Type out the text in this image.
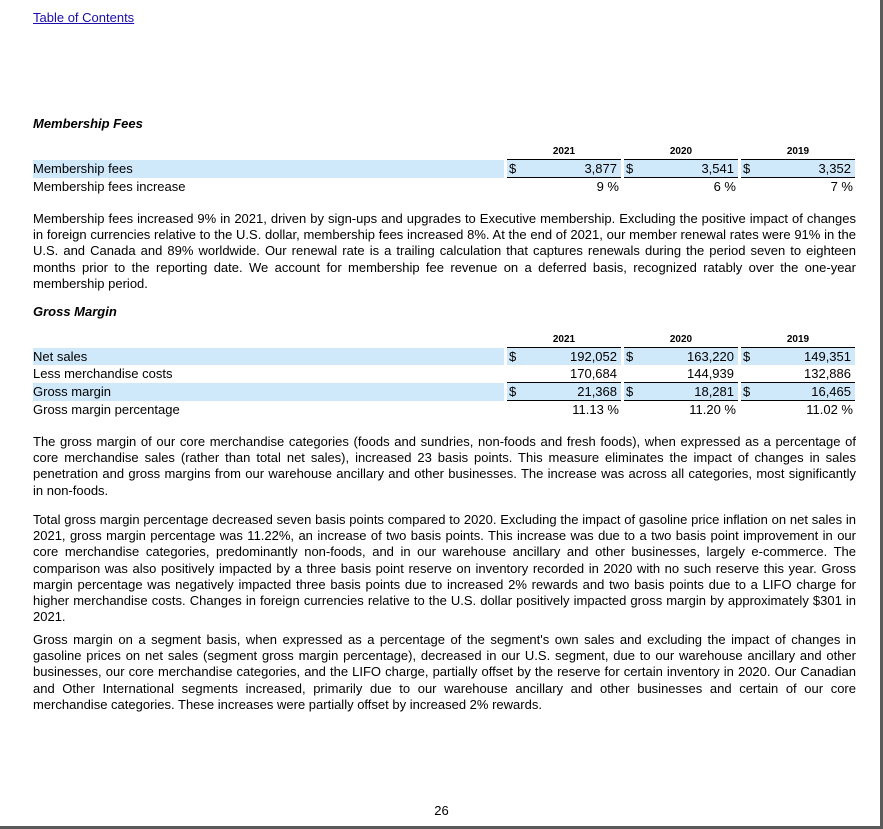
Table of Contents
Membership Fees
		2021			2020			2019	
Membership fees		$	3,877		$	3,541		$	3,352
Membership fees increase			9 %			6 %			7 %
Membership fees increased 9% in 2021, driven by sign-ups and upgrades to Executive membership. Excluding the positive impact of changes in foreign currencies relative to the U.S. dollar, membership fees increased 8%. At the end of 2021, our member renewal rates were 91% in the U.S. and Canada and 89% worldwide. Our renewal rate is a trailing calculation that captures renewals during the period seven to eighteen months prior to the reporting date. We account for membership fee revenue on a deferred basis, recognized ratably over the one-year membership period.
Gross Margin
		2021			2020			2019	
Net sales		$	192,052		$	163,220		$	149,351
Less merchandise costs			170,684			144,939			132,886
Gross margin		$	21,368		$	18,281		$	16,465
Gross margin percentage			11.13 %			11.20 %			11.02 %
The gross margin of our core merchandise categories (foods and sundries, non-foods and fresh foods), when expressed as a percentage of core merchandise sales (rather than total net sales), increased 23 basis points. This measure eliminates the impact of changes in sales penetration and gross margins from our warehouse ancillary and other businesses. The increase was across all categories, most significantly in non-foods.
Total gross margin percentage decreased seven basis points compared to 2020. Excluding the impact of gasoline price inflation on net sales in 2021, gross margin percentage was 11.22%, an increase of two basis points. This increase was due to a two basis point improvement in our core merchandise categories, predominantly non-foods, and in our warehouse ancillary and other businesses, largely e-commerce. The comparison was also positively impacted by a three basis point reserve on inventory recorded in 2020 with no such reserve this year. Gross margin percentage was negatively impacted three basis points due to increased 2% rewards and two basis points due to a LIFO charge for higher merchandise costs. Changes in foreign currencies relative to the U.S. dollar positively impacted gross margin by approximately $301 in 2021.
Gross margin on a segment basis, when expressed as a percentage of the segment's own sales and excluding the impact of changes in gasoline prices on net sales (segment gross margin percentage), decreased in our U.S. segment, due to our warehouse ancillary and other businesses, our core merchandise categories, and the LIFO charge, partially offset by the reserve for certain inventory in 2020. Our Canadian and Other International segments increased, primarily due to our warehouse ancillary and other businesses and certain of our core merchandise categories. These increases were partially offset by increased 2% rewards.
26
